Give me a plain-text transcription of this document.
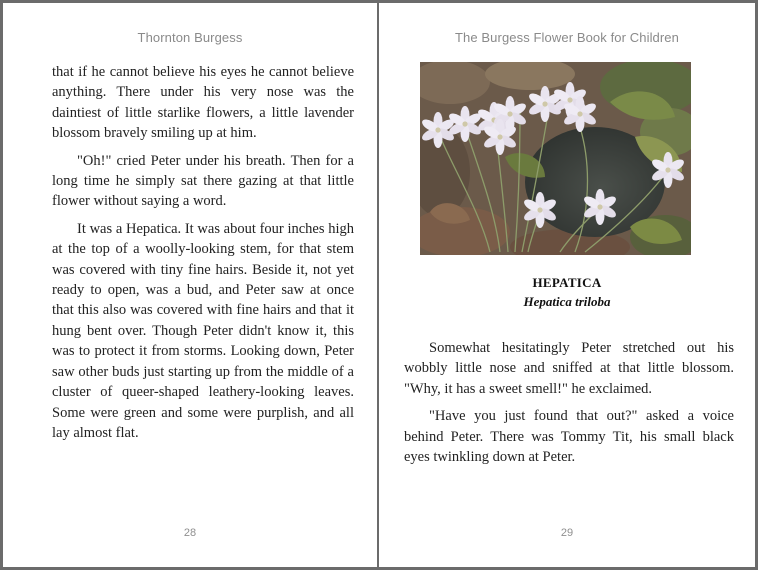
Thornton Burgess

that if he cannot believe his eyes he cannot believe anything. There under his very nose was the daintiest of little starlike flowers, a little lavender blossom bravely smiling up at him.

"Oh!" cried Peter under his breath. Then for a long time he simply sat there gazing at that little flower without saying a word.

It was a Hepatica. It was about four inches high at the top of a woolly-looking stem, for that stem was covered with tiny fine hairs. Beside it, not yet ready to open, was a bud, and Peter saw at once that this also was covered with fine hairs and that it hung bent over. Though Peter didn't know it, this was to protect it from storms. Looking down, Peter saw other buds just starting up from the middle of a cluster of queer-shaped leathery-looking leaves. Some were green and some were purplish, and all lay almost flat.

28
The Burgess Flower Book for Children
HEPATICA
Hepatica triloba

Somewhat hesitatingly Peter stretched out his wobbly little nose and sniffed at that little blossom. "Why, it has a sweet smell!" he exclaimed.

"Have you just found that out?" asked a voice behind Peter. There was Tommy Tit, his small black eyes twinkling down at Peter.

29
